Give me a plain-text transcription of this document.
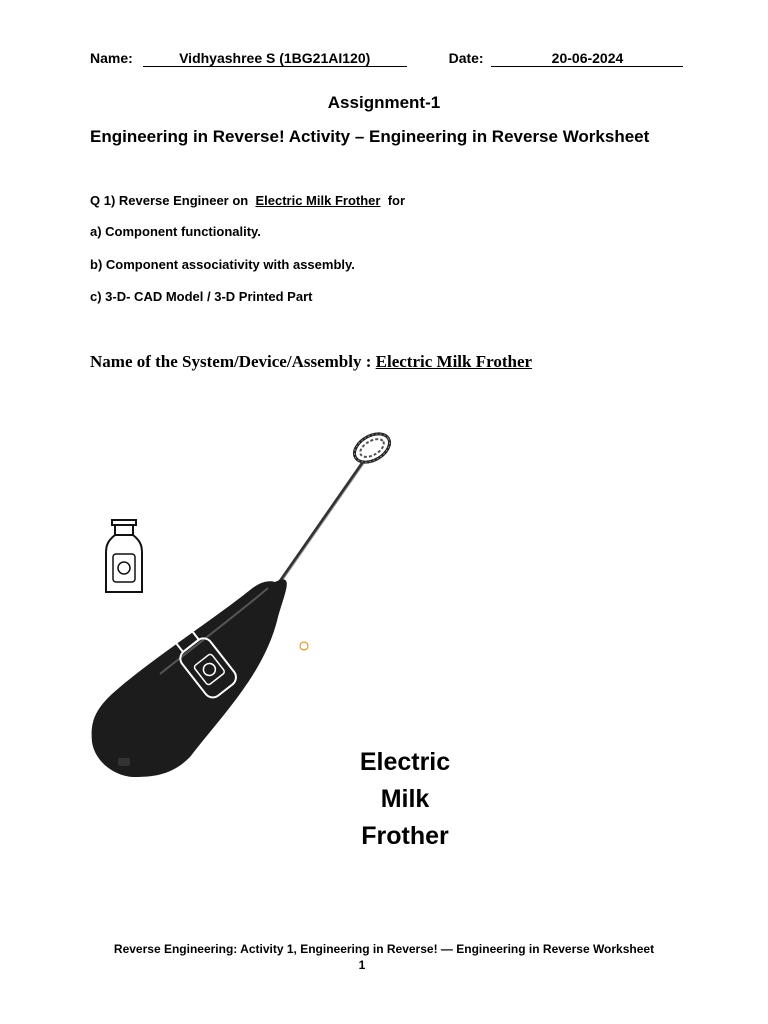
Name:	Vidhyashree S (1BG21AI120)	Date:	20-06-2024
Assignment-1
Engineering in Reverse! Activity – Engineering in Reverse Worksheet
Q 1) Reverse Engineer on Electric Milk Frother for
a) Component functionality.
b) Component associativity with assembly.
c) 3-D- CAD Model / 3-D Printed Part
Name of the System/Device/Assembly : Electric Milk Frother
Electric
Milk
Frother
Reverse Engineering: Activity 1, Engineering in Reverse! — Engineering in Reverse Worksheet
1
